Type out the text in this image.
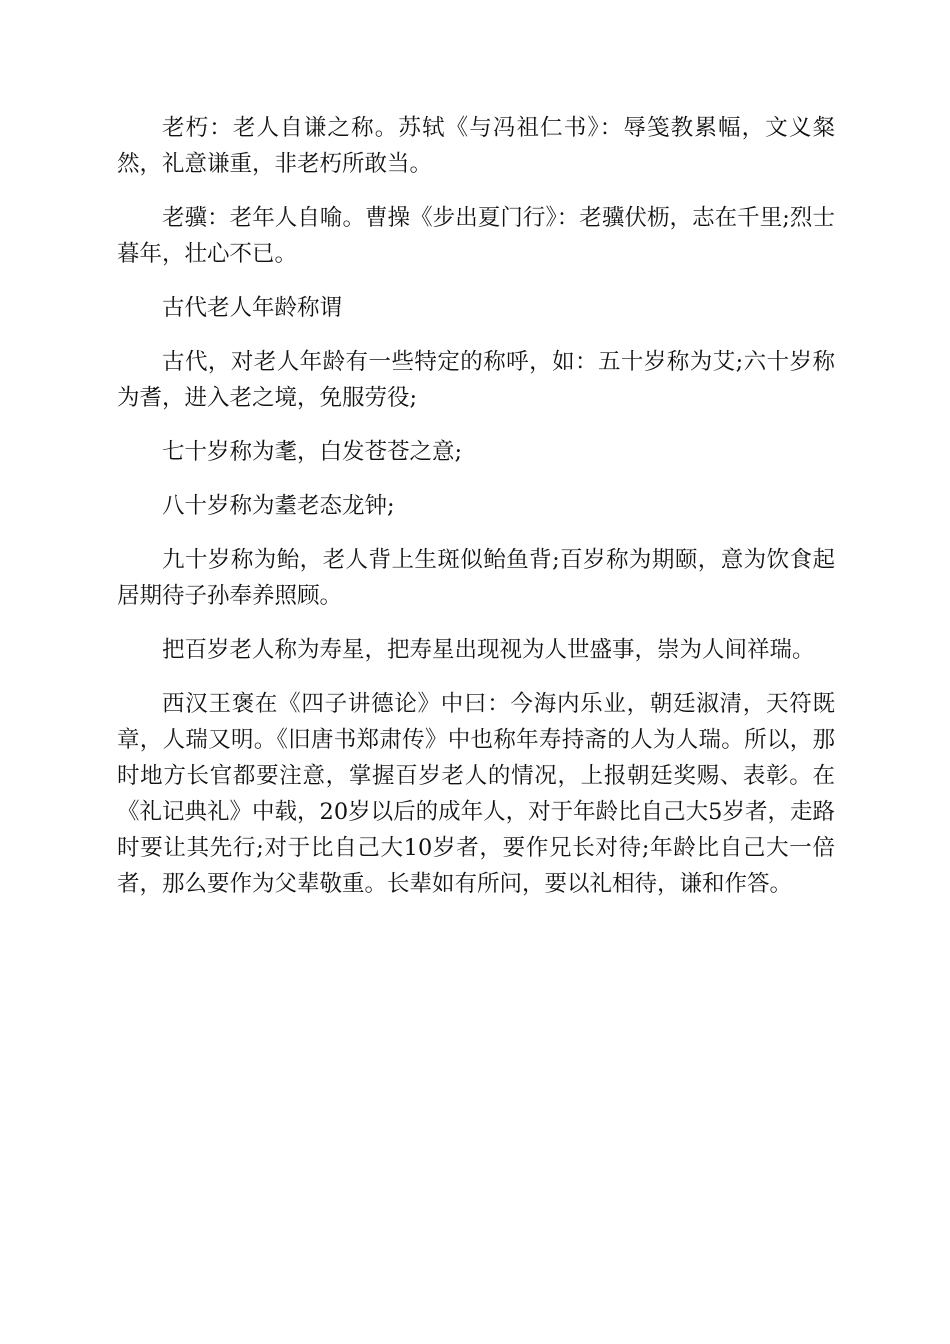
老朽：老人自谦之称。苏轼《与冯祖仁书》：辱笺教累幅，文义粲然，礼意谦重，非老朽所敢当。

老骥：老年人自喻。曹操《步出夏门行》：老骥伏枥，志在千里;烈士暮年，壮心不已。

古代老人年龄称谓

古代，对老人年龄有一些特定的称呼，如：五十岁称为艾;六十岁称为耆，进入老之境，免服劳役;

七十岁称为耄，白发苍苍之意;

八十岁称为耋老态龙钟;

九十岁称为鲐，老人背上生斑似鲐鱼背;百岁称为期颐，意为饮食起居期待子孙奉养照顾。

把百岁老人称为寿星，把寿星出现视为人世盛事，崇为人间祥瑞。

西汉王褒在《四子讲德论》中曰：今海内乐业，朝廷淑清，天符既章，人瑞又明。《旧唐书郑肃传》中也称年寿持斋的人为人瑞。所以，那时地方长官都要注意，掌握百岁老人的情况，上报朝廷奖赐、表彰。在《礼记典礼》中载，20岁以后的成年人，对于年龄比自己大5岁者，走路时要让其先行;对于比自己大10岁者，要作兄长对待;年龄比自己大一倍者，那么要作为父辈敬重。长辈如有所问，要以礼相待，谦和作答。
